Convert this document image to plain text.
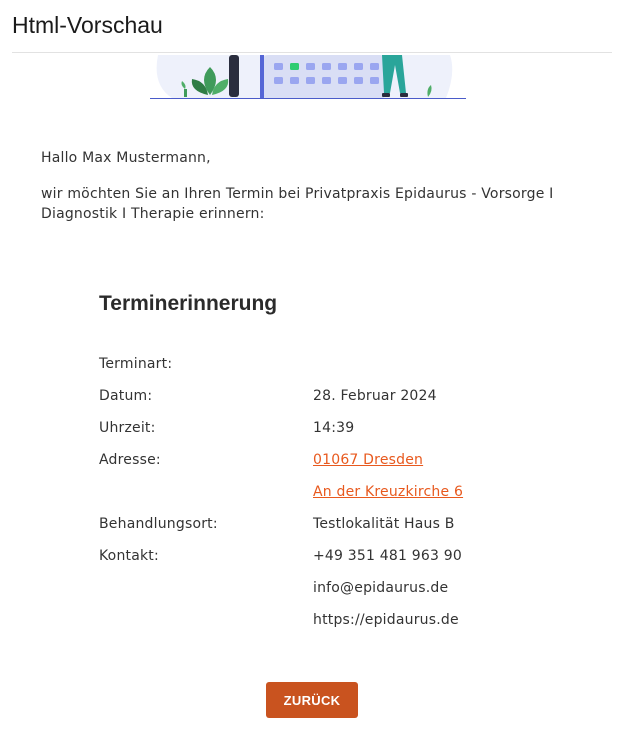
Html-Vorschau

Hallo Max Mustermann,

wir möchten Sie an Ihren Termin bei Privatpraxis Epidaurus - Vorsorge I Diagnostik I Therapie erinnern:

Terminerinnerung
Terminart:
Datum:	28. Februar 2024
Uhrzeit:	14:39
Adresse:	01067 Dresden
An der Kreuzkirche 6
Behandlungsort:	Testlokalität Haus B
Kontakt:	+49 351 481 963 90
info@epidaurus.de
https://epidaurus.de
ZURÜCK
